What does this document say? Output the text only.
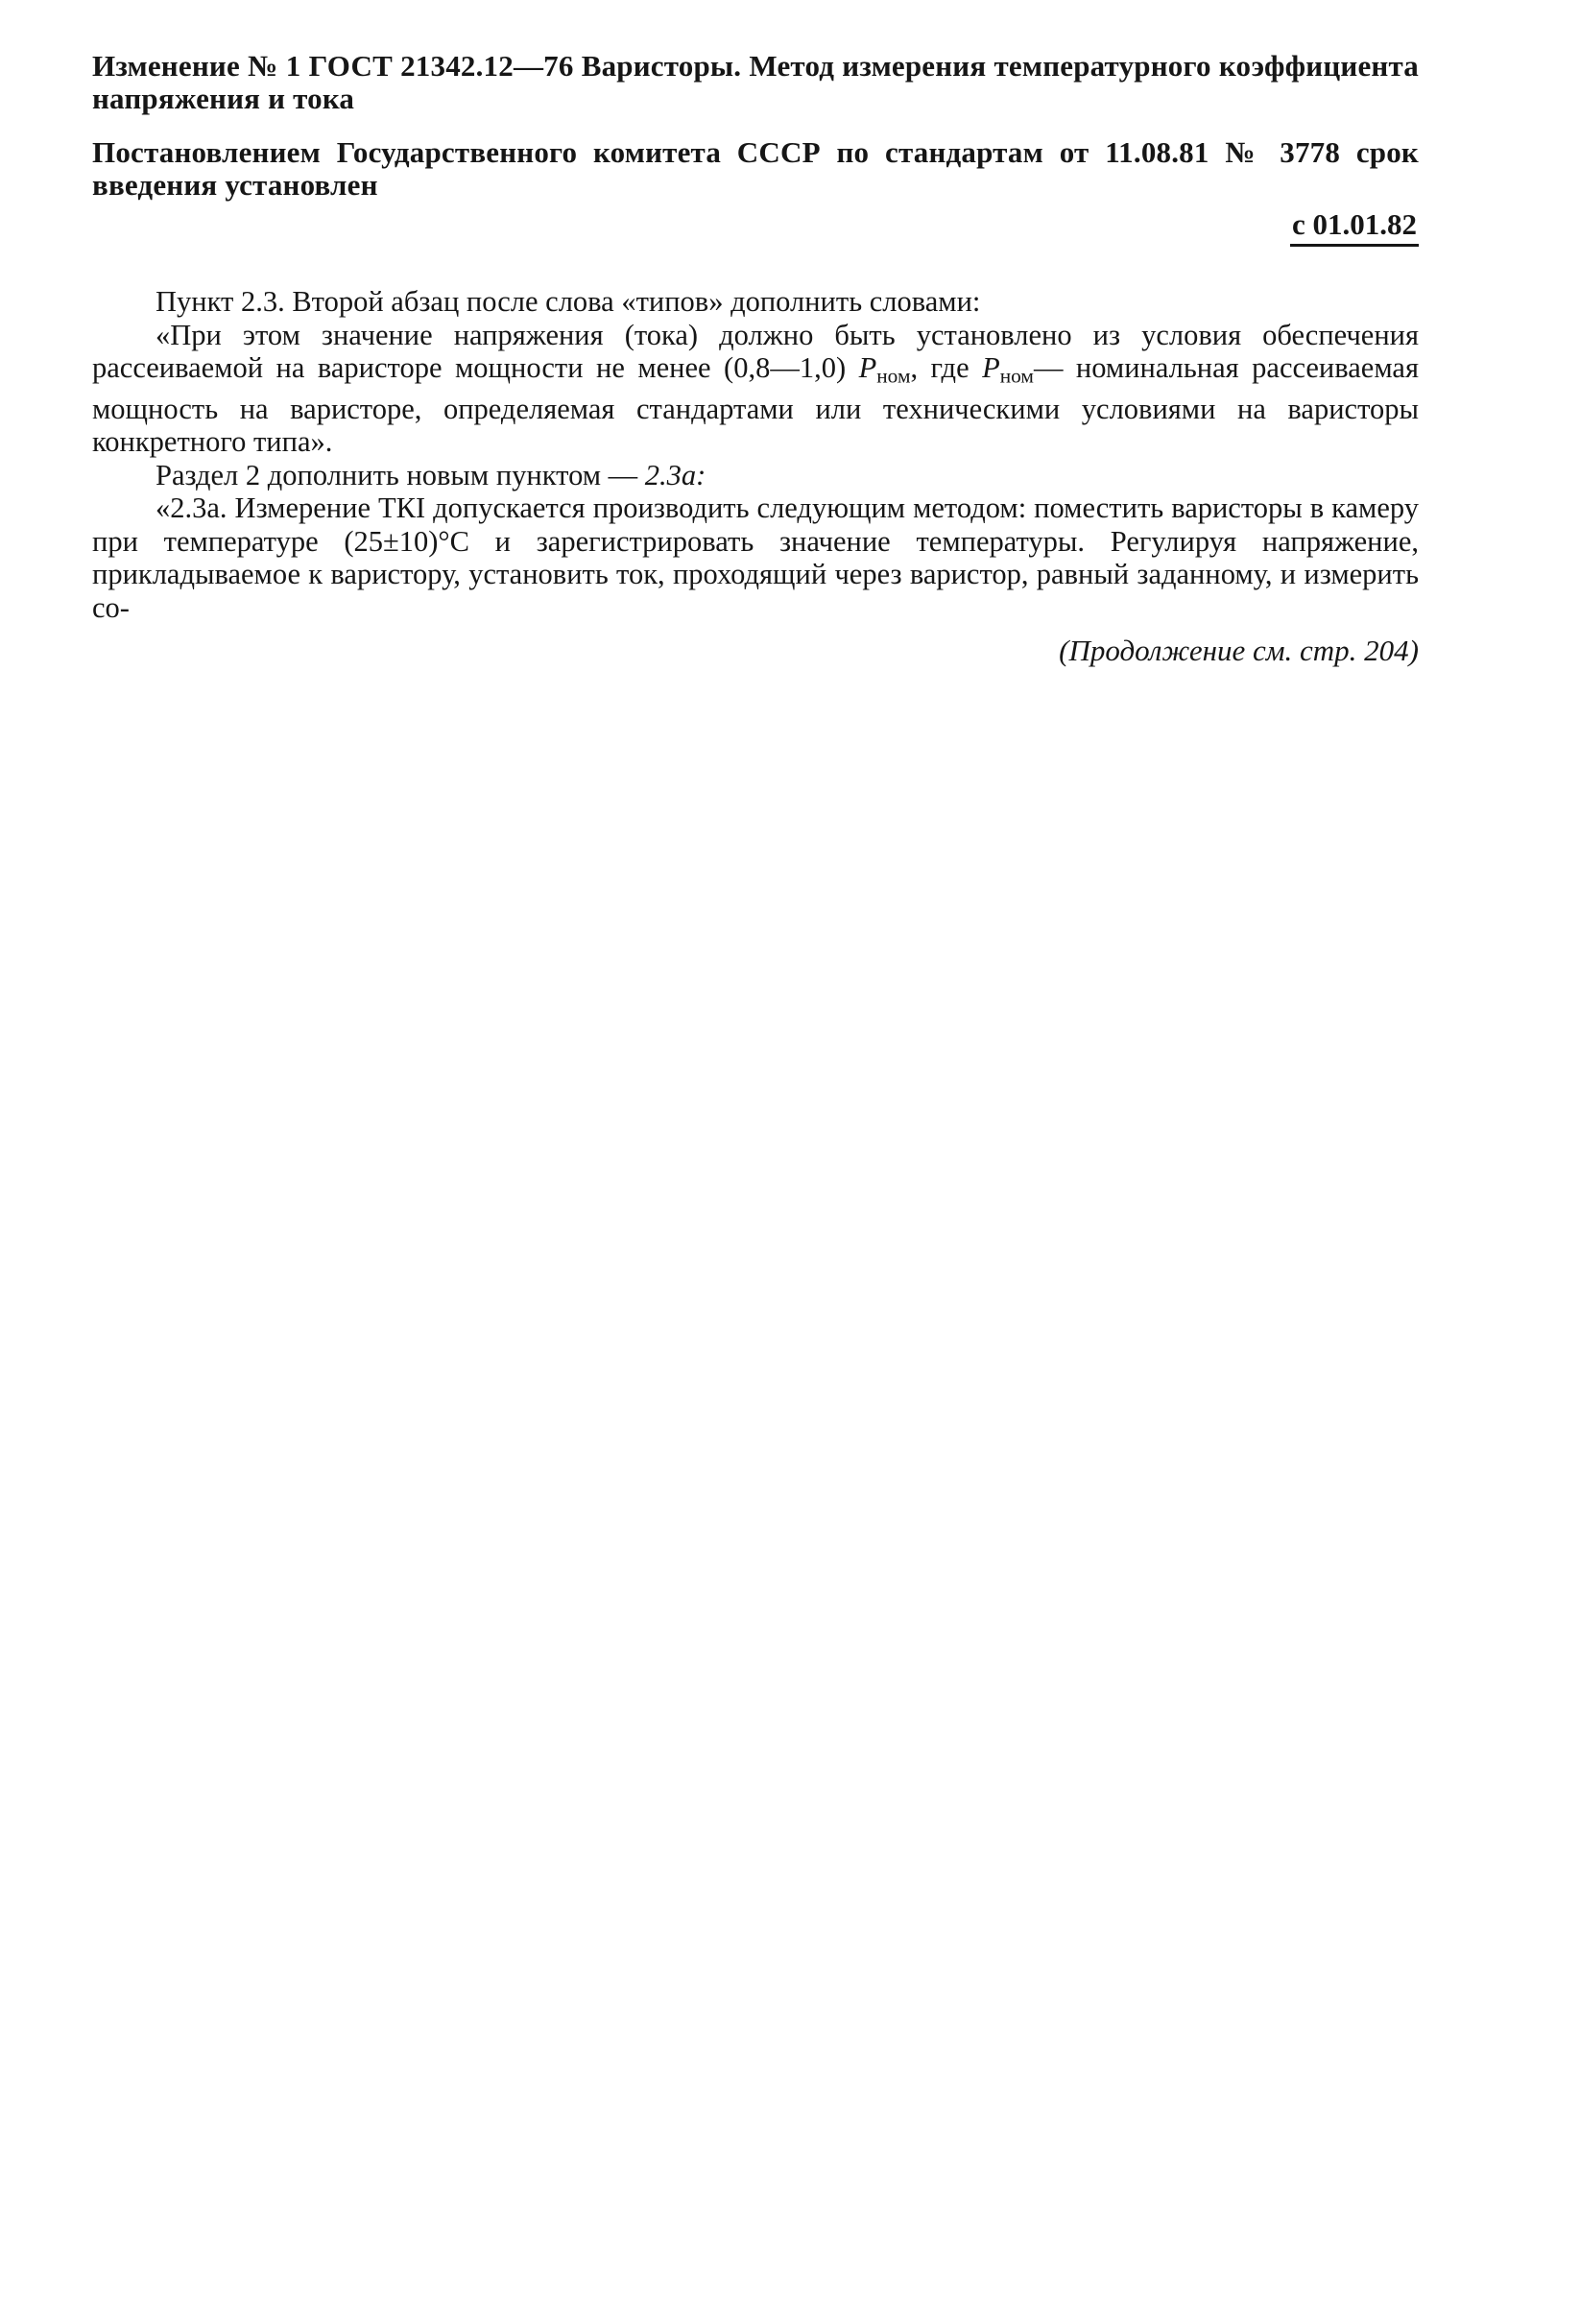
Изменение № 1 ГОСТ 21342.12—76 Варисторы. Метод измерения температурного коэффициента напряжения и тока

Постановлением Государственного комитета СССР по стандартам от 11.08.81 № 3778 срок введения установлен

с 01.01.82

Пункт 2.3. Второй абзац после слова «типов» дополнить словами:

«При этом значение напряжения (тока) должно быть установлено из условия обеспечения рассеиваемой на варисторе мощности не менее (0,8—1,0) $P_{ном}$, где $P_{ном}—$ номинальная рассеиваемая мощность на варисторе, определяемая стандартами или техническими условиями на варисторы конкретного типа».

Раздел 2 дополнить новым пунктом — 2.3а:

«2.3а. Измерение ТКI допускается производить следующим методом: поместить варисторы в камеру при температуре (25±10)°С и зарегистрировать значение температуры. Регулируя напряжение, прикладываемое к варистору, установить ток, проходящий через варистор, равный заданному, и измерить со-

(Продолжение см. стр. 204)
